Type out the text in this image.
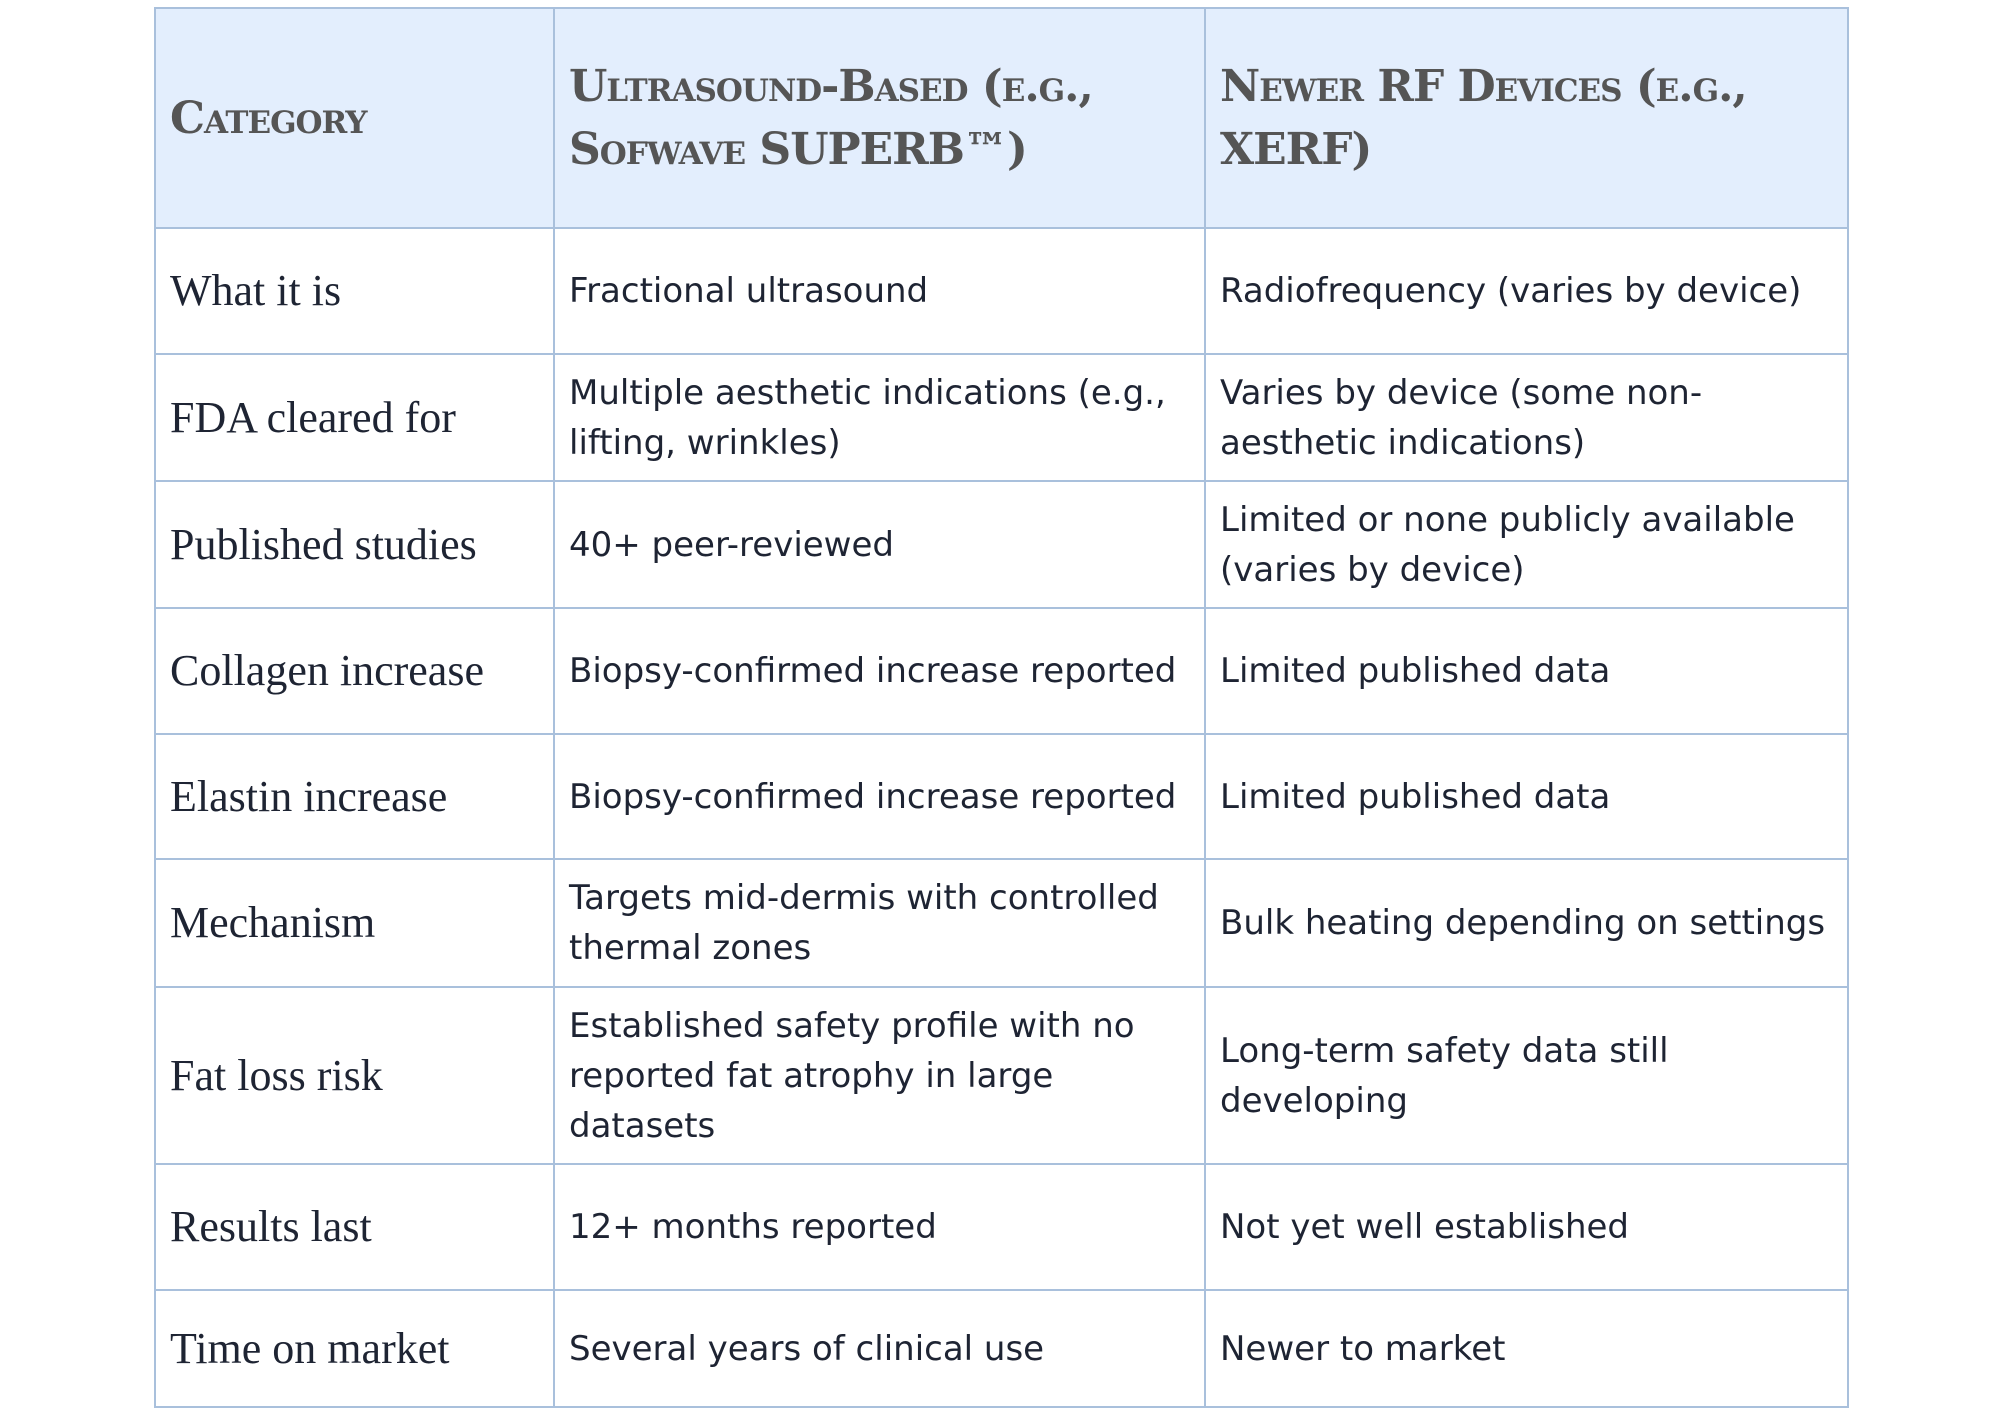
Category	Ultrasound-Based (e.g., Sofwave SUPERB™)	Newer RF Devices (e.g., XERF)
What it is	Fractional ultrasound	Radiofrequency (varies by device)
FDA cleared for	Multiple aesthetic indications (e.g., lifting, wrinkles)	Varies by device (some non-aesthetic indications)
Published studies	40+ peer-reviewed	Limited or none publicly available (varies by device)
Collagen increase	Biopsy-confirmed increase reported	Limited published data
Elastin increase	Biopsy-confirmed increase reported	Limited published data
Mechanism	Targets mid-dermis with controlled thermal zones	Bulk heating depending on settings
Fat loss risk	Established safety profile with no reported fat atrophy in large datasets	Long-term safety data still developing
Results last	12+ months reported	Not yet well established
Time on market	Several years of clinical use	Newer to market
